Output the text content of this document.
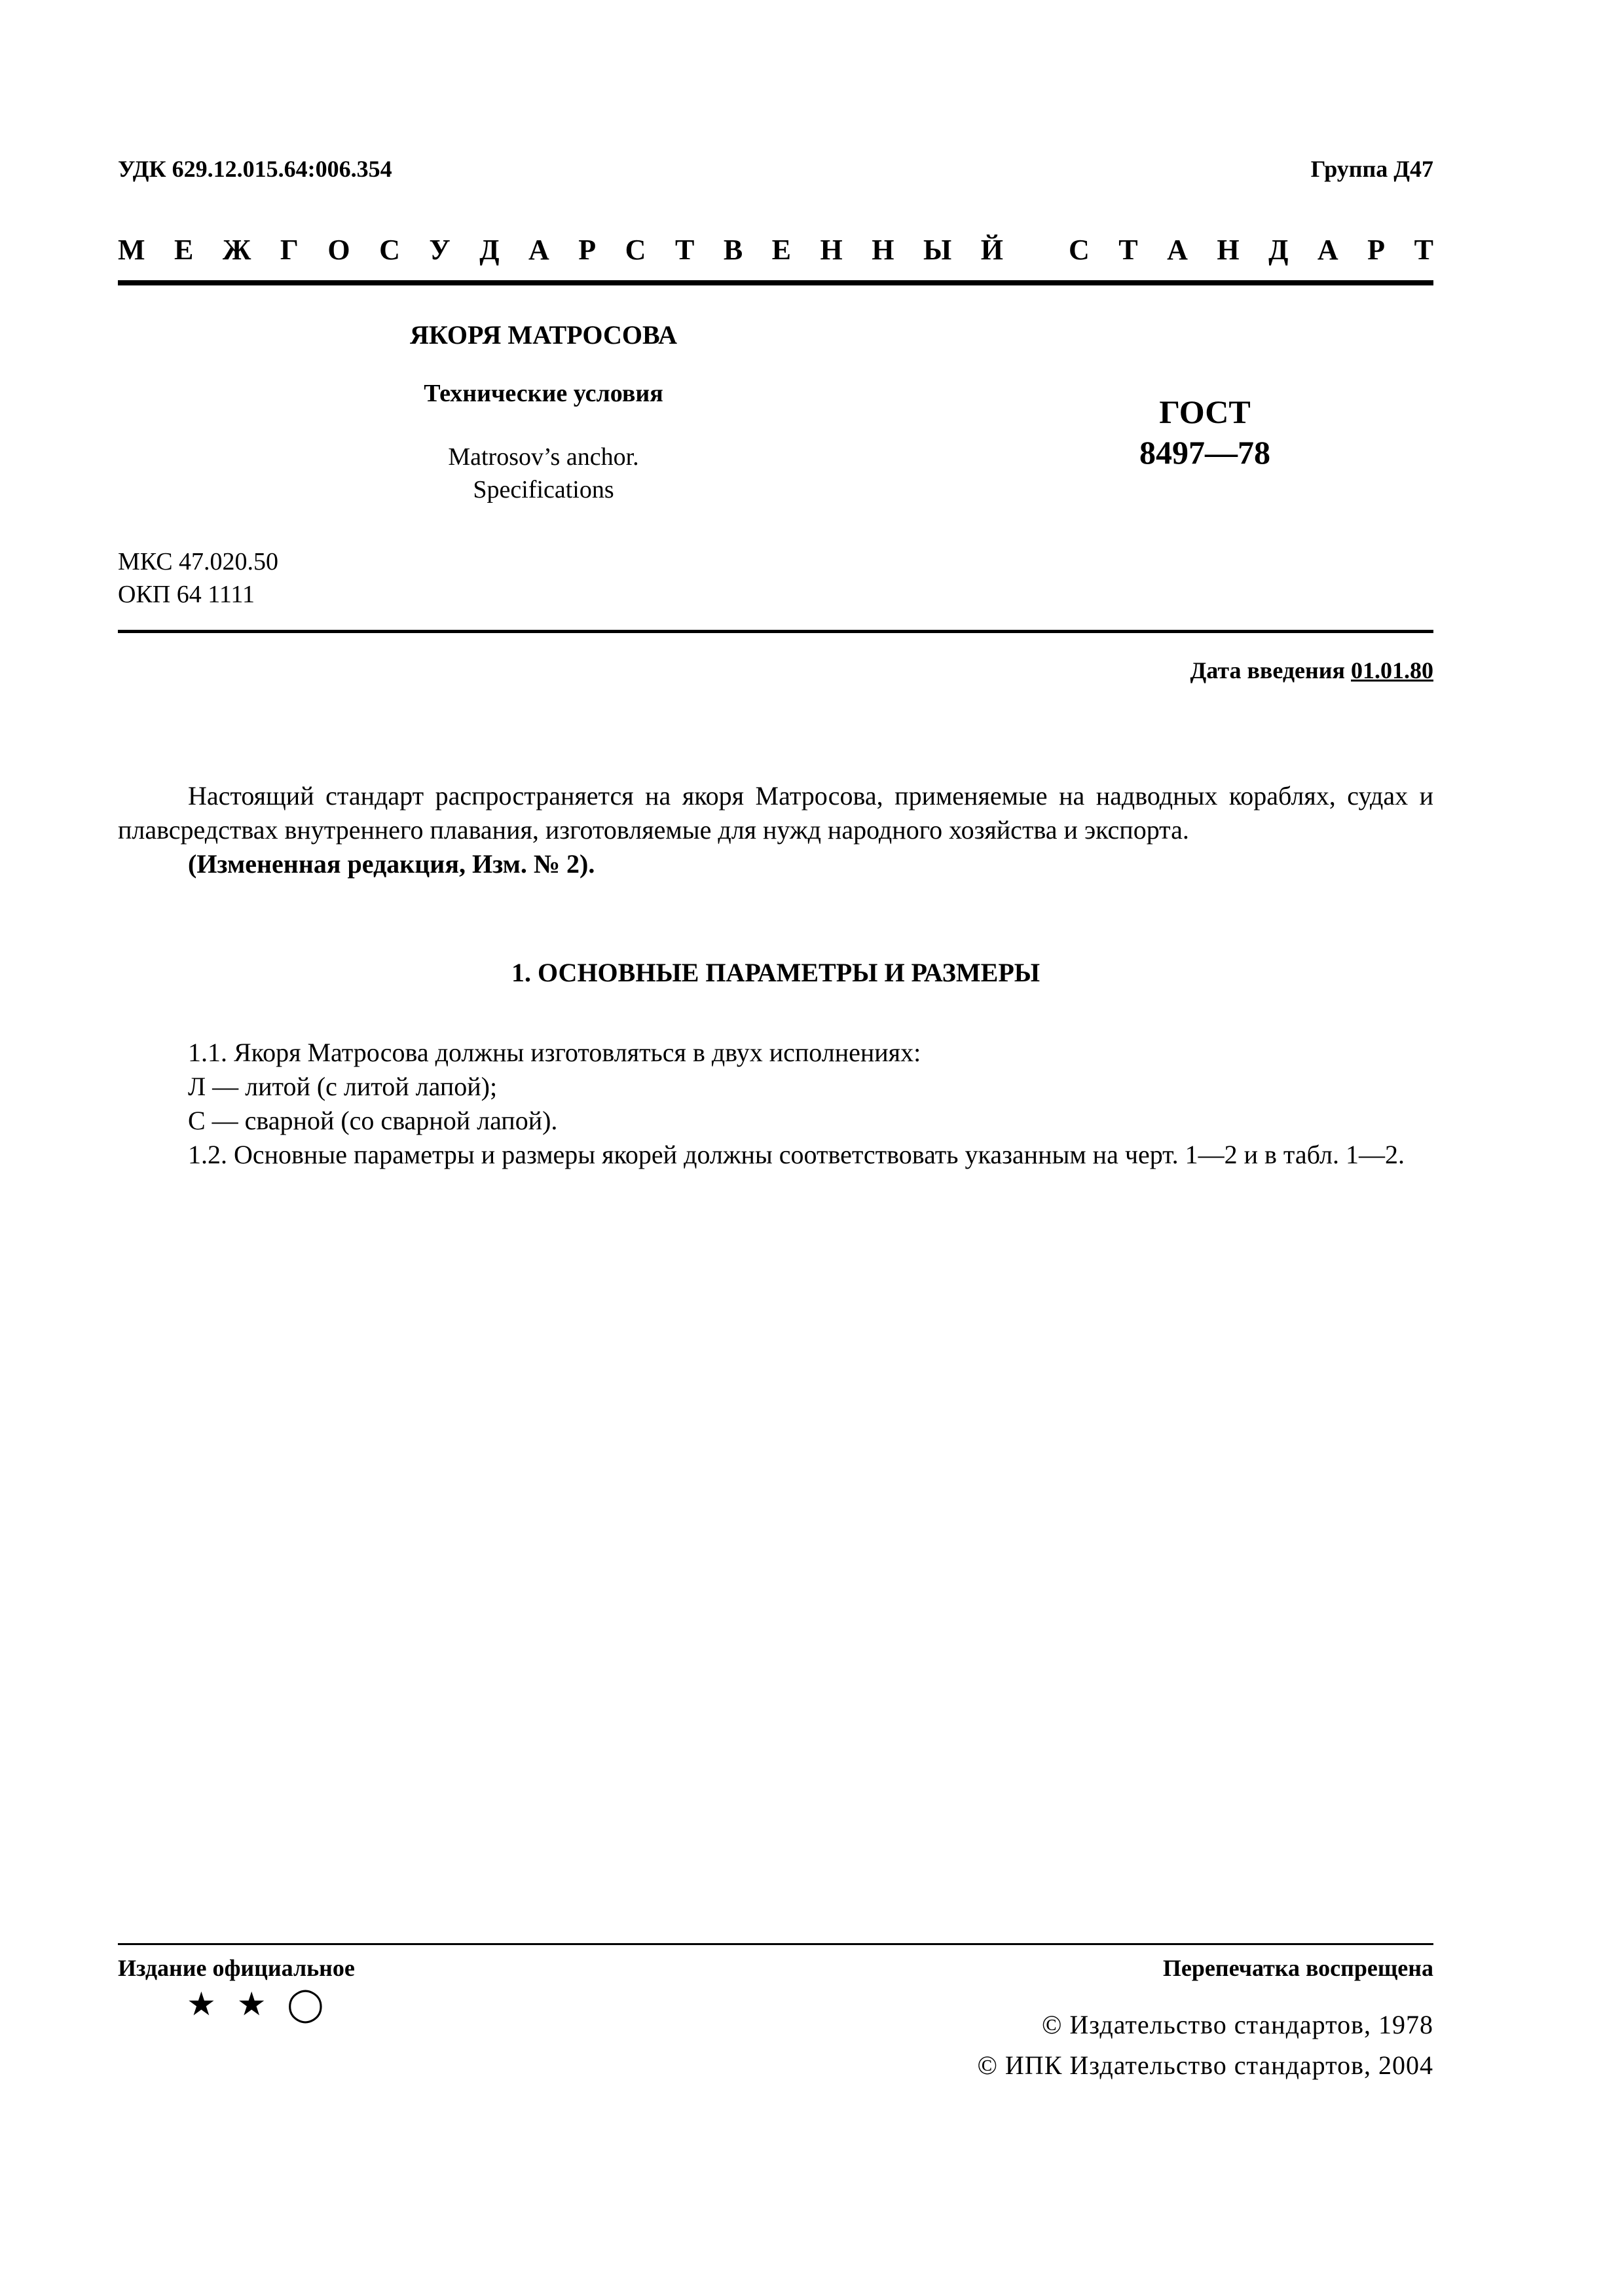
УДК 629.12.015.64:006.354	Группа Д47
М Е Ж Г О С У Д А Р С Т В Е Н Н Ы Й
С Т А Н Д А Р Т
ЯКОРЯ МАТРОСОВА
Технические условия
Matrosov’s anchor.
Specifications
ГОСТ
8497—78
МКС 47.020.50
ОКП 64 1111
Дата введения 01.01.80

Настоящий стандарт распространяется на якоря Матросова, применяемые на надводных кораблях, судах и плавсредствах внутреннего плавания, изготовляемые для нужд народного хозяйства и экспорта.

(Измененная редакция, Изм. № 2).

1. ОСНОВНЫЕ ПАРАМЕТРЫ И РАЗМЕРЫ

1.1. Якоря Матросова должны изготовляться в двух исполнениях:

Л — литой (с литой лапой);

С — сварной (со сварной лапой).

1.2. Основные параметры и размеры якорей должны соответствовать указанным на черт. 1—2 и в табл. 1—2.

Издание официальное	Перепечатка воспрещена
★ ★ ◯
© Издательство стандартов, 1978
© ИПК Издательство стандартов, 2004
